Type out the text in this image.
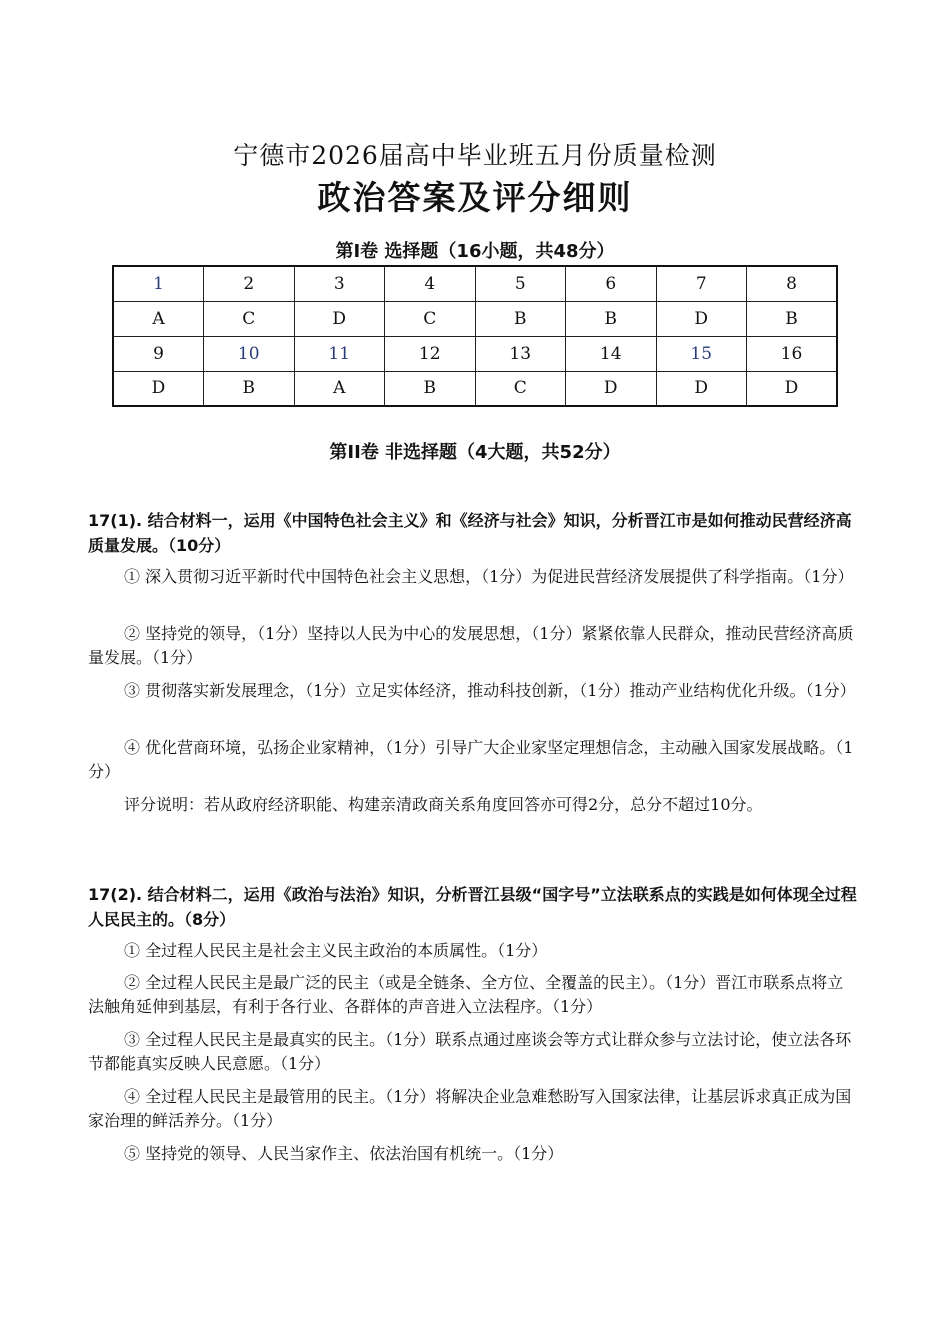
宁德市2026届高中毕业班五月份质量检测
政治答案及评分细则
第I卷 选择题（16小题，共48分）
1	2	3	4	5	6	7	8
A	C	D	C	B	B	D	B
9	10	11	12	13	14	15	16
D	B	A	B	C	D	D	D
第II卷 非选择题（4大题，共52分）
17(1). 结合材料一，运用《中国特色社会主义》和《经济与社会》知识，分析晋江市是如何推动民营经济高质量发展。（10分）
① 深入贯彻习近平新时代中国特色社会主义思想，（1分）为促进民营经济发展提供了科学指南。（1分）
② 坚持党的领导，（1分）坚持以人民为中心的发展思想，（1分）紧紧依靠人民群众，推动民营经济高质量发展。（1分）
③ 贯彻落实新发展理念，（1分）立足实体经济，推动科技创新，（1分）推动产业结构优化升级。（1分）
④ 优化营商环境，弘扬企业家精神，（1分）引导广大企业家坚定理想信念，主动融入国家发展战略。（1分）
评分说明：若从政府经济职能、构建亲清政商关系角度回答亦可得2分，总分不超过10分。
17(2). 结合材料二，运用《政治与法治》知识，分析晋江县级“国字号”立法联系点的实践是如何体现全过程人民民主的。（8分）
① 全过程人民民主是社会主义民主政治的本质属性。（1分）
② 全过程人民民主是最广泛的民主（或是全链条、全方位、全覆盖的民主）。（1分）晋江市联系点将立法触角延伸到基层，有利于各行业、各群体的声音进入立法程序。（1分）
③ 全过程人民民主是最真实的民主。（1分）联系点通过座谈会等方式让群众参与立法讨论，使立法各环节都能真实反映人民意愿。（1分）
④ 全过程人民民主是最管用的民主。（1分）将解决企业急难愁盼写入国家法律，让基层诉求真正成为国家治理的鲜活养分。（1分）
⑤ 坚持党的领导、人民当家作主、依法治国有机统一。（1分）
